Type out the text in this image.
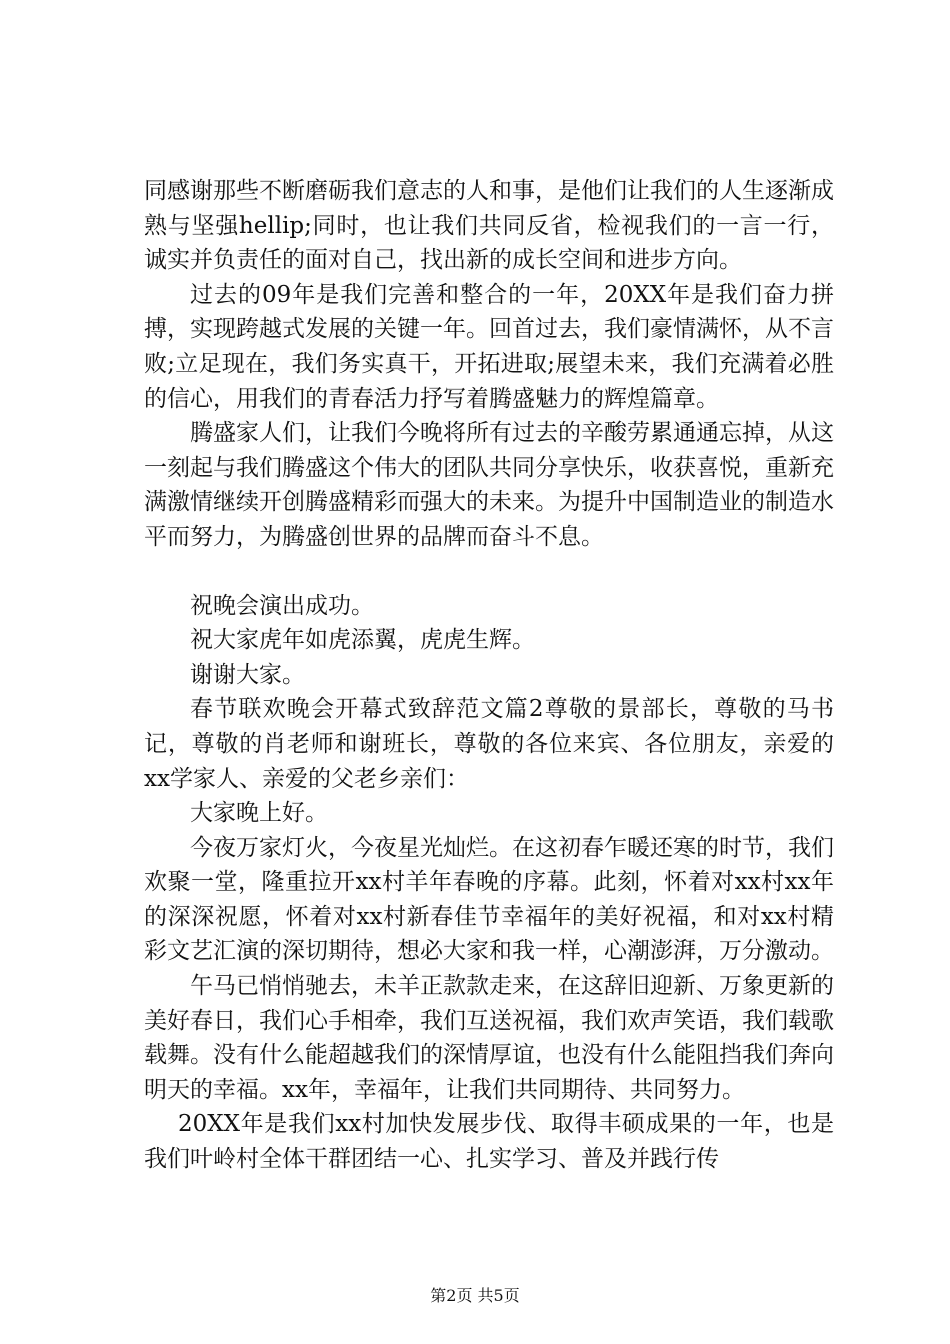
同感谢那些不断磨砺我们意志的人和事，是他们让我们的人生逐渐成熟与坚强hellip;同时，也让我们共同反省，检视我们的一言一行，诚实并负责任的面对自己，找出新的成长空间和进步方向。

过去的09年是我们完善和整合的一年，20XX年是我们奋力拼搏，实现跨越式发展的关键一年。回首过去，我们豪情满怀，从不言败;立足现在，我们务实真干，开拓进取;展望未来，我们充满着必胜的信心，用我们的青春活力抒写着腾盛魅力的辉煌篇章。

腾盛家人们，让我们今晚将所有过去的辛酸劳累通通忘掉，从这一刻起与我们腾盛这个伟大的团队共同分享快乐，收获喜悦，重新充满激情继续开创腾盛精彩而强大的未来。为提升中国制造业的制造水平而努力，为腾盛创世界的品牌而奋斗不息。

祝晚会演出成功。

祝大家虎年如虎添翼，虎虎生辉。

谢谢大家。

春节联欢晚会开幕式致辞范文篇2尊敬的景部长，尊敬的马书记，尊敬的肖老师和谢班长，尊敬的各位来宾、各位朋友，亲爱的xx学家人、亲爱的父老乡亲们：

大家晚上好。

今夜万家灯火，今夜星光灿烂。在这初春乍暖还寒的时节，我们欢聚一堂，隆重拉开xx村羊年春晚的序幕。此刻，怀着对xx村xx年的深深祝愿，怀着对xx村新春佳节幸福年的美好祝福，和对xx村精彩文艺汇演的深切期待，想必大家和我一样，心潮澎湃，万分激动。

午马已悄悄驰去，未羊正款款走来，在这辞旧迎新、万象更新的美好春日，我们心手相牵，我们互送祝福，我们欢声笑语，我们载歌载舞。没有什么能超越我们的深情厚谊，也没有什么能阻挡我们奔向明天的幸福。xx年，幸福年，让我们共同期待、共同努力。

20XX年是我们xx村加快发展步伐、取得丰硕成果的一年，也是我们叶岭村全体干群团结一心、扎实学习、普及并践行传

第2页 共5页
